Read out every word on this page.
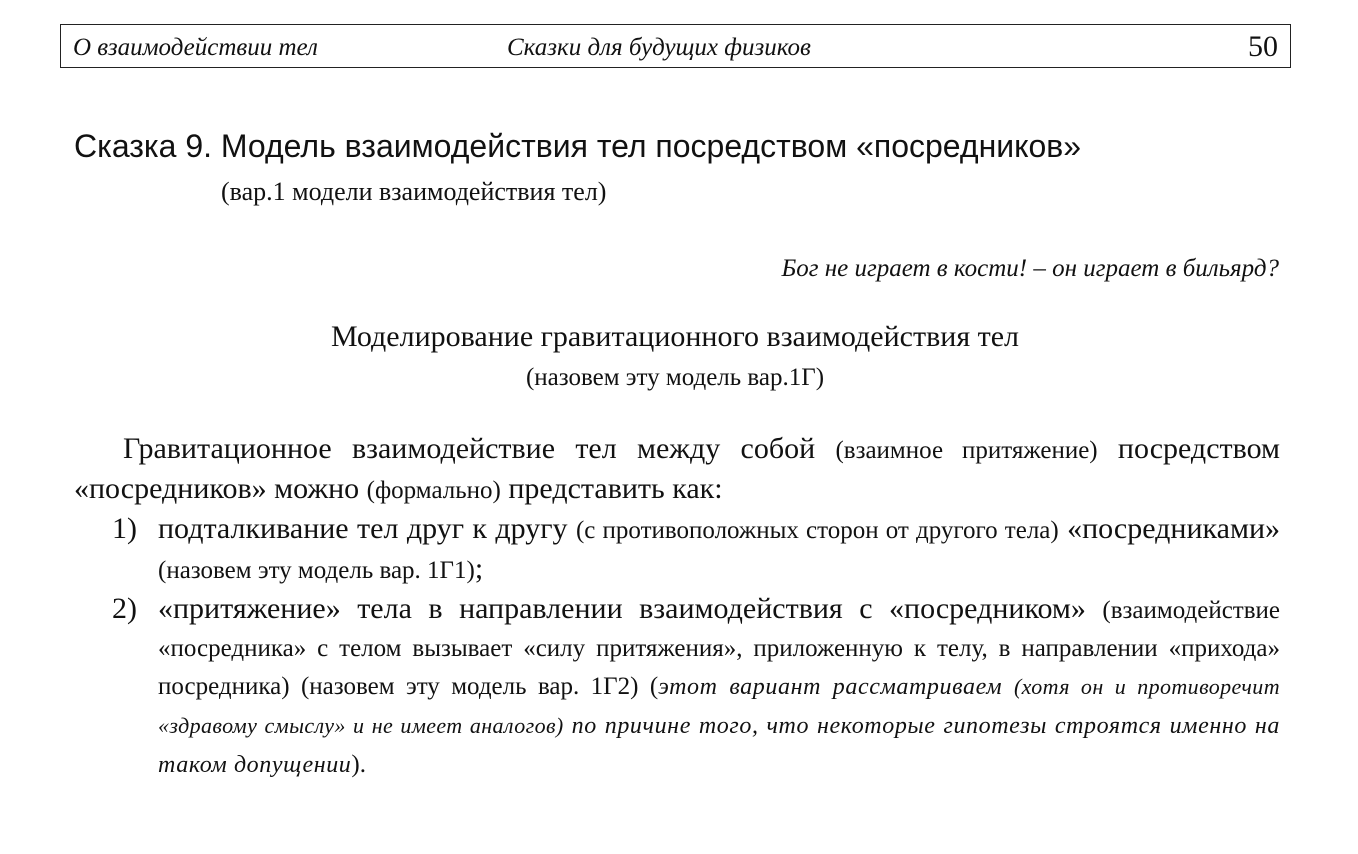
О взаимодействии тел	Сказки для будущих физиков	50
Сказка 9. Модель взаимодействия тел посредством «посредников»
(вар.1 модели взаимодействия тел)
Бог не играет в кости! – он играет в бильярд?
Моделирование гравитационного взаимодействия тел
(назовем эту модель вар.1Г)

Гравитационное взаимодействие тел между собой (взаимное притяжение) посредством «посредников» можно (формально) представить как:

1) подталкивание тел друг к другу (с противоположных сторон от другого тела) «посредниками» (назовем эту модель вар. 1Г1);
2) «притяжение» тела в направлении взаимодействия с «посредником» (взаимодействие «посредника» с телом вызывает «силу притяжения», приложенную к телу, в направлении «прихода» посредника) (назовем эту модель вар. 1Г2) (этот вариант рассматриваем (хотя он и противоречит «здравому смыслу» и не имеет аналогов) по причине того, что некоторые гипотезы строятся именно на таком допущении).
